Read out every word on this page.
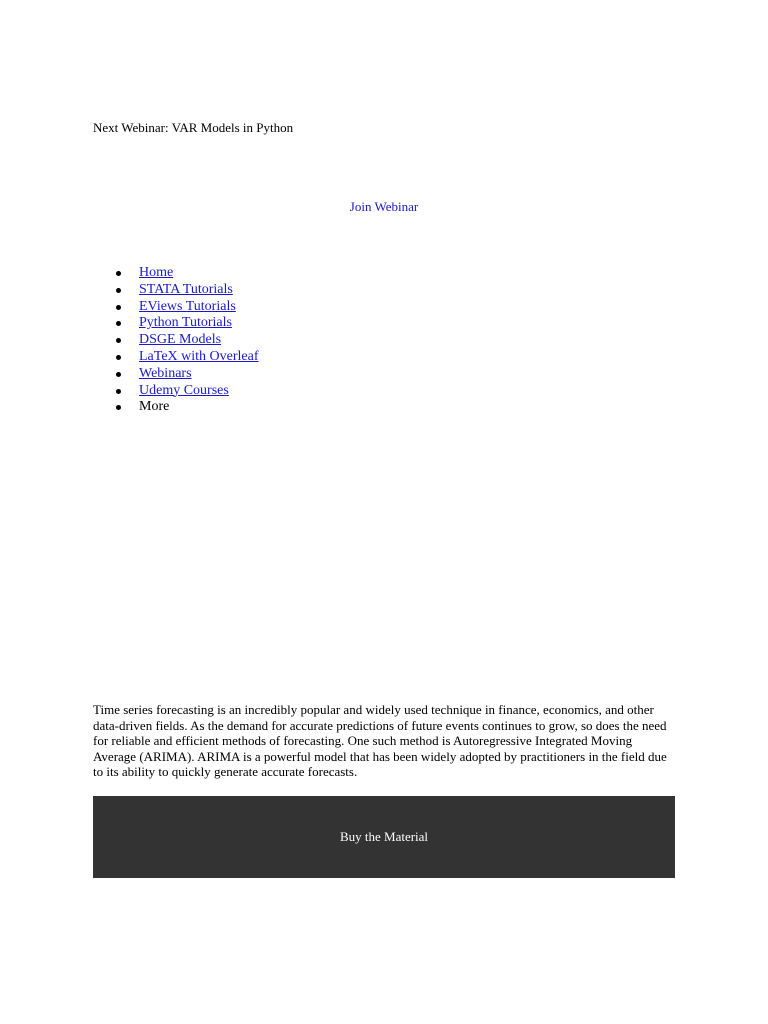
Next Webinar: VAR Models in Python
Join Webinar
Home
STATA Tutorials
EViews Tutorials
Python Tutorials
DSGE Models
LaTeX with Overleaf
Webinars
Udemy Courses
More

Time series forecasting is an incredibly popular and widely used technique in finance, economics, and other data-driven fields. As the demand for accurate predictions of future events continues to grow, so does the need for reliable and efficient methods of forecasting. One such method is Autoregressive Integrated Moving Average (ARIMA). ARIMA is a powerful model that has been widely adopted by practitioners in the field due to its ability to quickly generate accurate forecasts.

Buy the Material
